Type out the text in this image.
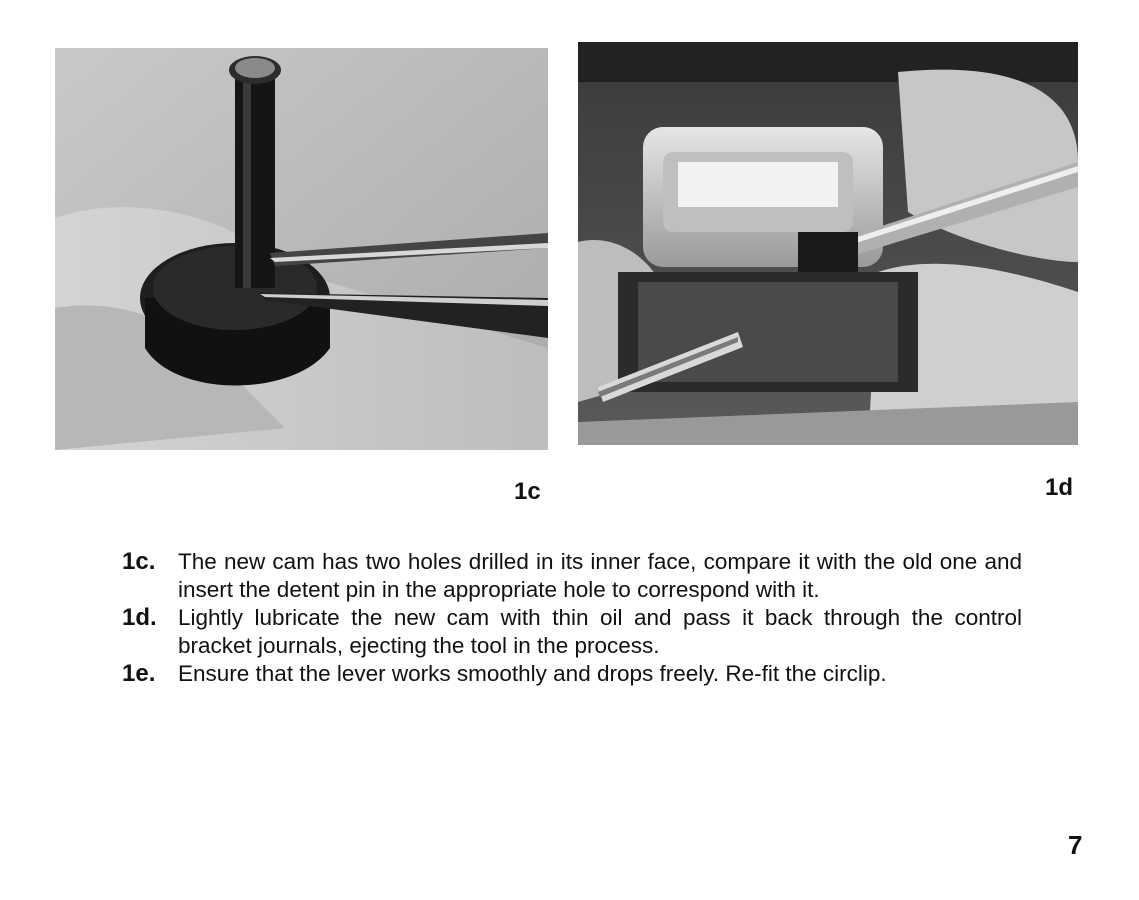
1c	1d
1c. The new cam has two holes drilled in its inner face, compare it with the old one and insert the detent pin in the appropriate hole to correspond with it.
1d. Lightly lubricate the new cam with thin oil and pass it back through the control bracket journals, ejecting the tool in the process.
1e. Ensure that the lever works smoothly and drops freely. Re-fit the circlip.
7
